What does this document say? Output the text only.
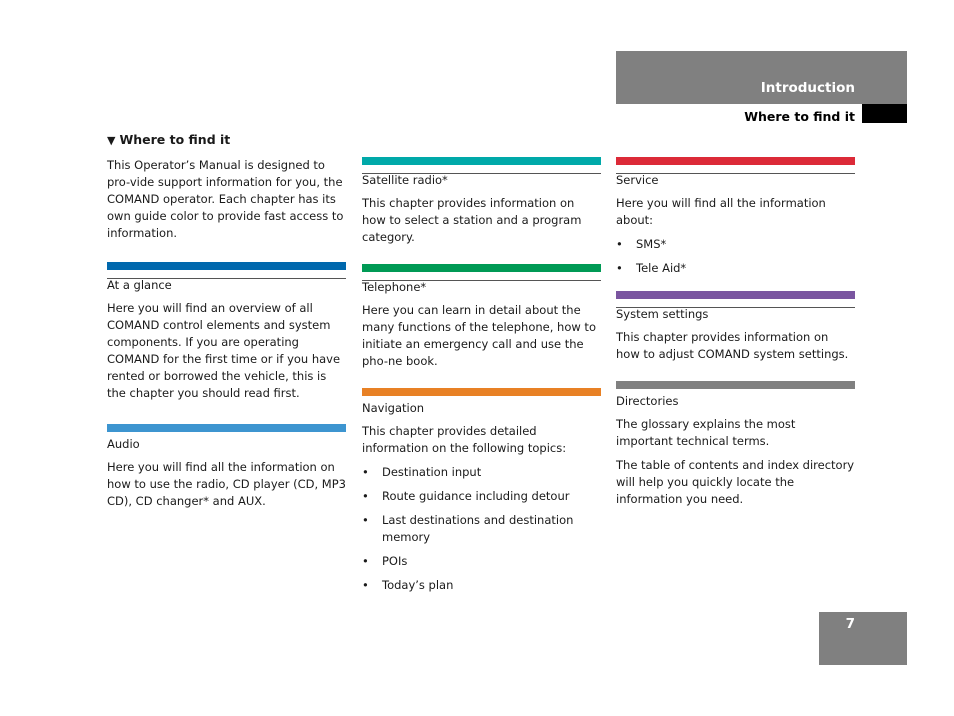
Introduction
Where to find it
▼ Where to find it

This Operator’s Manual is designed to pro-vide support information for you, the COMAND operator. Each chapter has its own guide color to provide fast access to information.

At a glance

Here you will find an overview of all COMAND control elements and system components. If you are operating COMAND for the first time or if you have rented or borrowed the vehicle, this is the chapter you should read first.

Audio

Here you will find all the information on how to use the radio, CD player (CD, MP3 CD), CD changer* and AUX.

Satellite radio*

This chapter provides information on how to select a station and a program category.

Telephone*

Here you can learn in detail about the many functions of the telephone, how to initiate an emergency call and use the pho-ne book.

Navigation

This chapter provides detailed information on the following topics:

• Destination input
• Route guidance including detour
• Last destinations and destination memory
• POIs
• Today’s plan
Service

Here you will find all the information about:

• SMS*
• Tele Aid*
System settings

This chapter provides information on how to adjust COMAND system settings.

Directories

The glossary explains the most important technical terms.

The table of contents and index directory will help you quickly locate the information you need.

7
